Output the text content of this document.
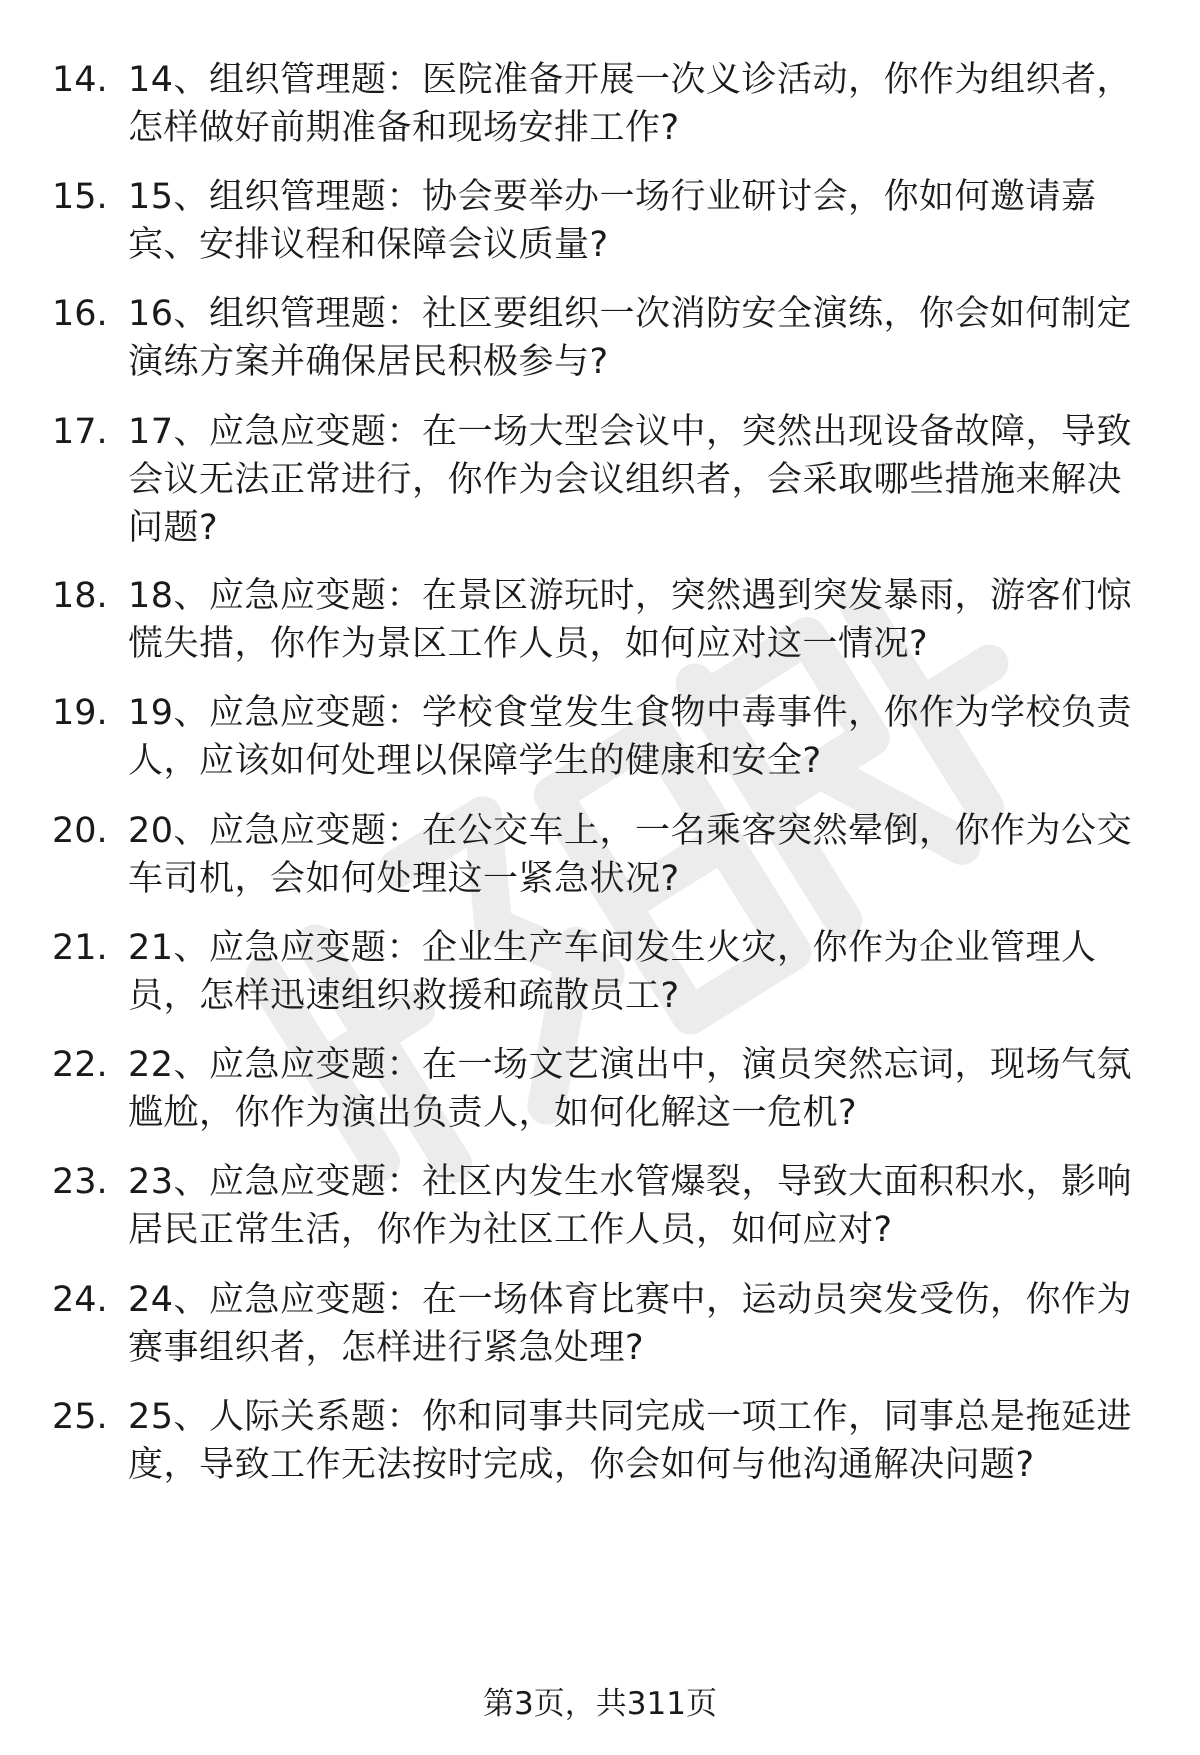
14. 14、组织管理题：医院准备开展一次义诊活动，你作为组织者，怎样做好前期准备和现场安排工作?
15. 15、组织管理题：协会要举办一场行业研讨会，你如何邀请嘉宾、安排议程和保障会议质量?
16. 16、组织管理题：社区要组织一次消防安全演练，你会如何制定演练方案并确保居民积极参与?
17. 17、应急应变题：在一场大型会议中，突然出现设备故障，导致会议无法正常进行，你作为会议组织者，会采取哪些措施来解决问题?
18. 18、应急应变题：在景区游玩时，突然遇到突发暴雨，游客们惊慌失措，你作为景区工作人员，如何应对这一情况?
19. 19、应急应变题：学校食堂发生食物中毒事件，你作为学校负责人，应该如何处理以保障学生的健康和安全?
20. 20、应急应变题：在公交车上，一名乘客突然晕倒，你作为公交车司机，会如何处理这一紧急状况?
21. 21、应急应变题：企业生产车间发生火灾，你作为企业管理人员，怎样迅速组织救援和疏散员工?
22. 22、应急应变题：在一场文艺演出中，演员突然忘词，现场气氛尴尬，你作为演出负责人，如何化解这一危机?
23. 23、应急应变题：社区内发生水管爆裂，导致大面积积水，影响居民正常生活，你作为社区工作人员，如何应对?
24. 24、应急应变题：在一场体育比赛中，运动员突发受伤，你作为赛事组织者，怎样进行紧急处理?
25. 25、人际关系题：你和同事共同完成一项工作，同事总是拖延进度，导致工作无法按时完成，你会如何与他沟通解决问题?
第3页，共311页
